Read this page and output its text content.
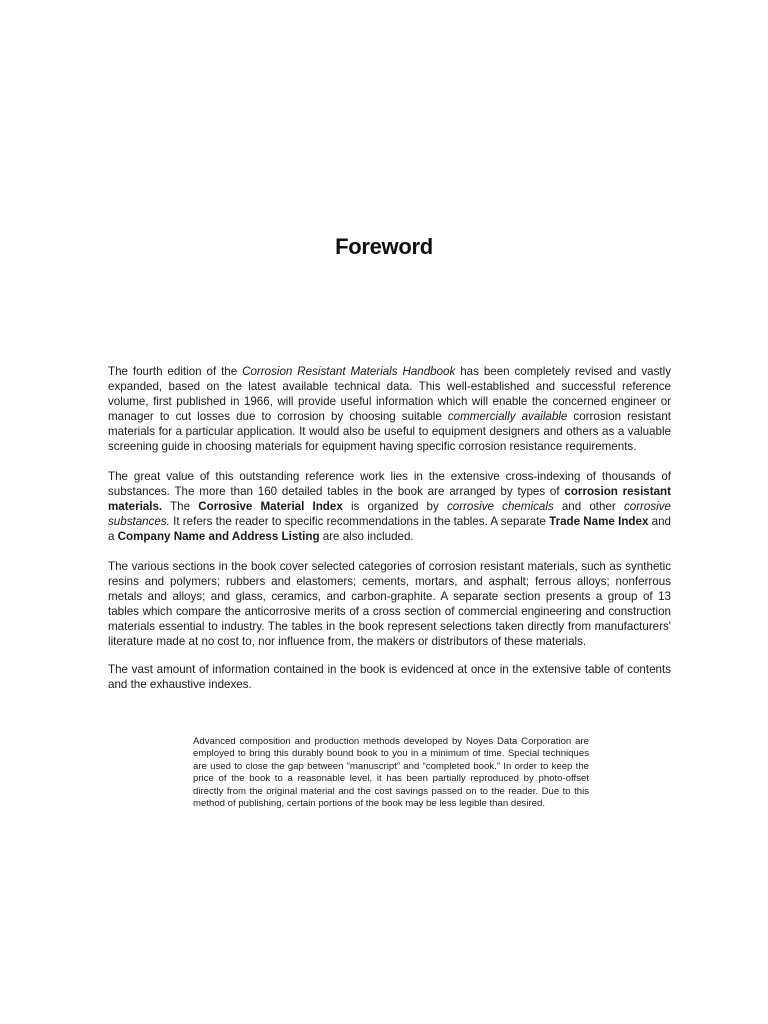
Foreword

The fourth edition of the Corrosion Resistant Materials Handbook has been completely revised and vastly expanded, based on the latest available technical data. This well-established and successful reference volume, first published in 1966, will provide useful information which will enable the concerned engineer or manager to cut losses due to corrosion by choosing suitable commercially available corrosion resistant materials for a particular application. It would also be useful to equipment designers and others as a valuable screening guide in choosing materials for equipment having specific corrosion resistance requirements.

The great value of this outstanding reference work lies in the extensive cross-indexing of thousands of substances. The more than 160 detailed tables in the book are arranged by types of corrosion resistant materials. The Corrosive Material Index is organized by corrosive chemicals and other corrosive substances. It refers the reader to specific recommendations in the tables. A separate Trade Name Index and a Company Name and Address Listing are also included.

The various sections in the book cover selected categories of corrosion resistant materials, such as synthetic resins and polymers; rubbers and elastomers; cements, mortars, and asphalt; ferrous alloys; nonferrous metals and alloys; and glass, ceramics, and carbon-graphite. A separate section presents a group of 13 tables which compare the anticorrosive merits of a cross section of commercial engineering and construction materials essential to industry. The tables in the book represent selections taken directly from manufacturers' literature made at no cost to, nor influence from, the makers or distributors of these materials.

The vast amount of information contained in the book is evidenced at once in the extensive table of contents and the exhaustive indexes.

Advanced composition and production methods developed by Noyes Data Corporation are employed to bring this durably bound book to you in a minimum of time. Special techniques are used to close the gap between “manuscript” and “completed book.” In order to keep the price of the book to a reasonable level, it has been partially reproduced by photo-offset directly from the original material and the cost savings passed on to the reader. Due to this method of publishing, certain portions of the book may be less legible than desired.
